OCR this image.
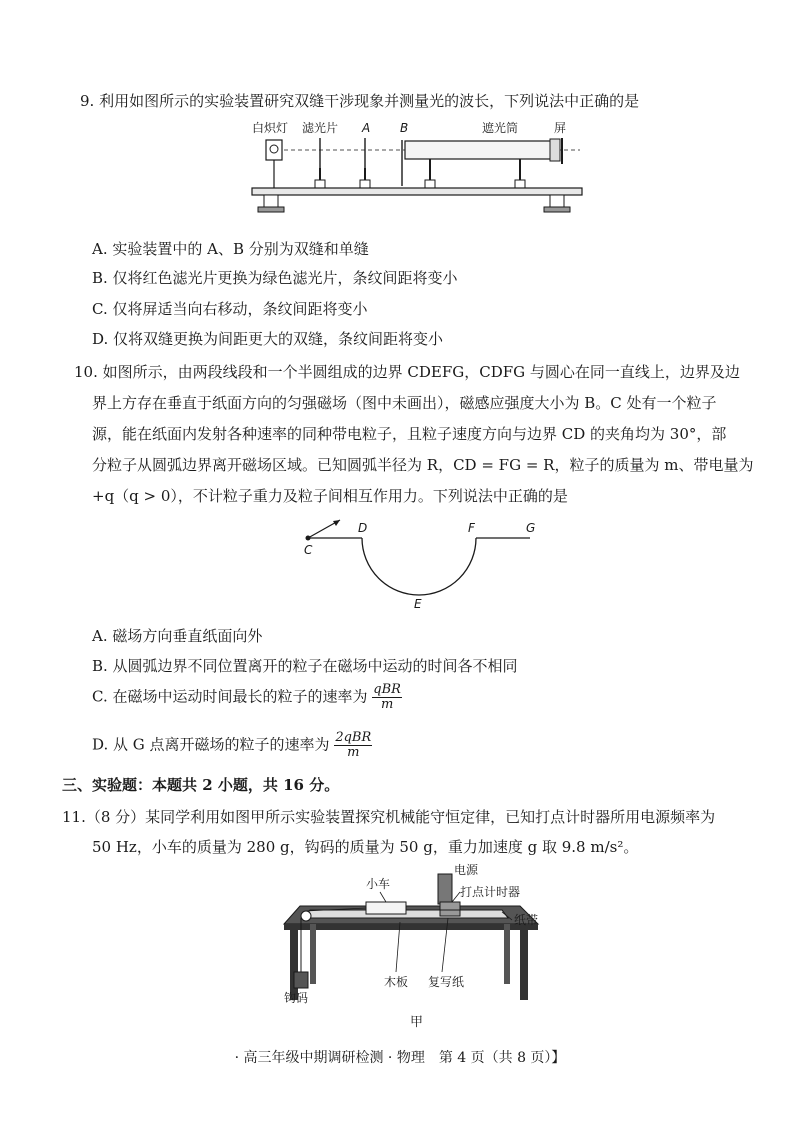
9. 利用如图所示的实验装置研究双缝干涉现象并测量光的波长，下列说法中正确的是
白炽灯 滤光片 A B	遮光筒	屏
A. 实验装置中的 A、B 分别为双缝和单缝
B. 仅将红色滤光片更换为绿色滤光片，条纹间距将变小
C. 仅将屏适当向右移动，条纹间距将变小
D. 仅将双缝更换为间距更大的双缝，条纹间距将变小
10. 如图所示，由两段线段和一个半圆组成的边界 CDEFG，CDFG 与圆心在同一直线上，边界及边
界上方存在垂直于纸面方向的匀强磁场（图中未画出），磁感应强度大小为 B。C 处有一个粒子
源，能在纸面内发射各种速率的同种带电粒子，且粒子速度方向与边界 CD 的夹角均为 30°，部
分粒子从圆弧边界离开磁场区域。已知圆弧半径为 R，CD = FG = R，粒子的质量为 m、带电量为
+q（q > 0），不计粒子重力及粒子间相互作用力。下列说法中正确的是
C
D
E
F	G
A. 磁场方向垂直纸面向外
B. 从圆弧边界不同位置离开的粒子在磁场中运动的时间各不相同
C. 在磁场中运动时间最长的粒子的速率为 $\frac{\text{qBR}}{m}$
D. 从 G 点离开磁场的粒子的速率为 $\frac{\text{2qBR}}{m}$
三、实验题：本题共 2 小题，共 16 分。
11.（8 分）某同学利用如图甲所示实验装置探究机械能守恒定律，已知打点计时器所用电源频率为
50 Hz，小车的质量为 280 g，钩码的质量为 50 g，重力加速度 g 取 9.8 m/s²。
电源
打点计时器
小车
纸带
钩码
木板 复写纸
甲
· 高三年级中期调研检测 · 物理　第 4 页（共 8 页）】
